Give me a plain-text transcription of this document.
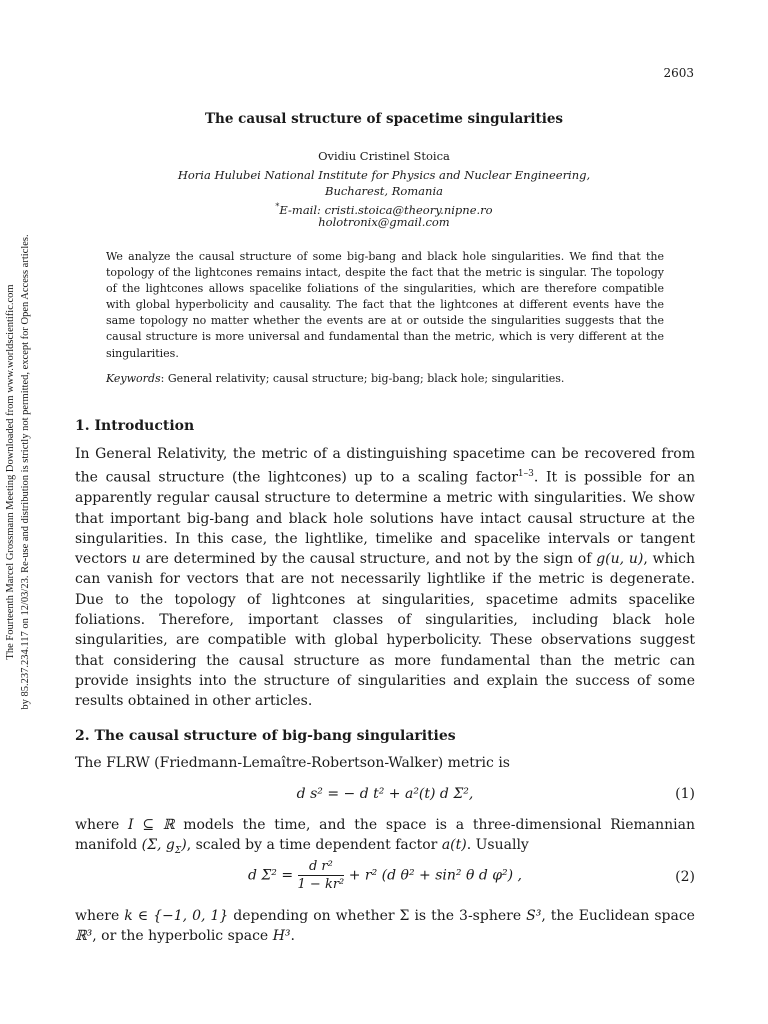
The Fourteenth Marcel Grossmann Meeting Downloaded from www.worldscientific.com by 85.237.234.117 on 12/03/23. Re-use and distribution is strictly not permitted, except for Open Access articles.
2603
The causal structure of spacetime singularities
Ovidiu Cristinel Stoica
Horia Hulubei National Institute for Physics and Nuclear Engineering,
Bucharest, Romania
*E-mail: cristi.stoica@theory.nipne.ro
holotronix@gmail.com
We analyze the causal structure of some big-bang and black hole singularities. We find that the topology of the lightcones remains intact, despite the fact that the metric is singular. The topology of the lightcones allows spacelike foliations of the singularities, which are therefore compatible with global hyperbolicity and causality. The fact that the lightcones at different events have the same topology no matter whether the events are at or outside the singularities suggests that the causal structure is more universal and fundamental than the metric, which is very different at the singularities.
Keywords: General relativity; causal structure; big-bang; black hole; singularities.
1. Introduction
In General Relativity, the metric of a distinguishing spacetime can be recovered from the causal structure (the lightcones) up to a scaling factor$^{1-3}$. It is possible for an apparently regular causal structure to determine a metric with singularities. We show that important big-bang and black hole solutions have intact causal structure at the singularities. In this case, the lightlike, timelike and spacelike intervals or tangent vectors u are determined by the causal structure, and not by the sign of g(u, u), which can vanish for vectors that are not necessarily lightlike if the metric is degenerate. Due to the topology of lightcones at singularities, spacetime admits spacelike foliations. Therefore, important classes of singularities, including black hole singularities, are compatible with global hyperbolicity. These observations suggest that considering the causal structure as more fundamental than the metric can provide insights into the structure of singularities and explain the success of some results obtained in other articles.
2. The causal structure of big-bang singularities
The FLRW (Friedmann-Lemaître-Robertson-Walker) metric is
d s² = − d t² + a²(t) d Σ²,	(1)
where I ⊆ ℝ models the time, and the space is a three-dimensional Riemannian manifold (Σ, $g_\Sigma$), scaled by a time dependent factor a(t). Usually
d $\Sigma^2 = \frac{\text{d r²}}{\text{1 − kr²}} + r^2$ (d θ² + sin² θ d φ²) ,	(2)
where k ∈ {−1, 0, 1} depending on whether Σ is the 3-sphere S³, the Euclidean space ℝ³, or the hyperbolic space H³.
